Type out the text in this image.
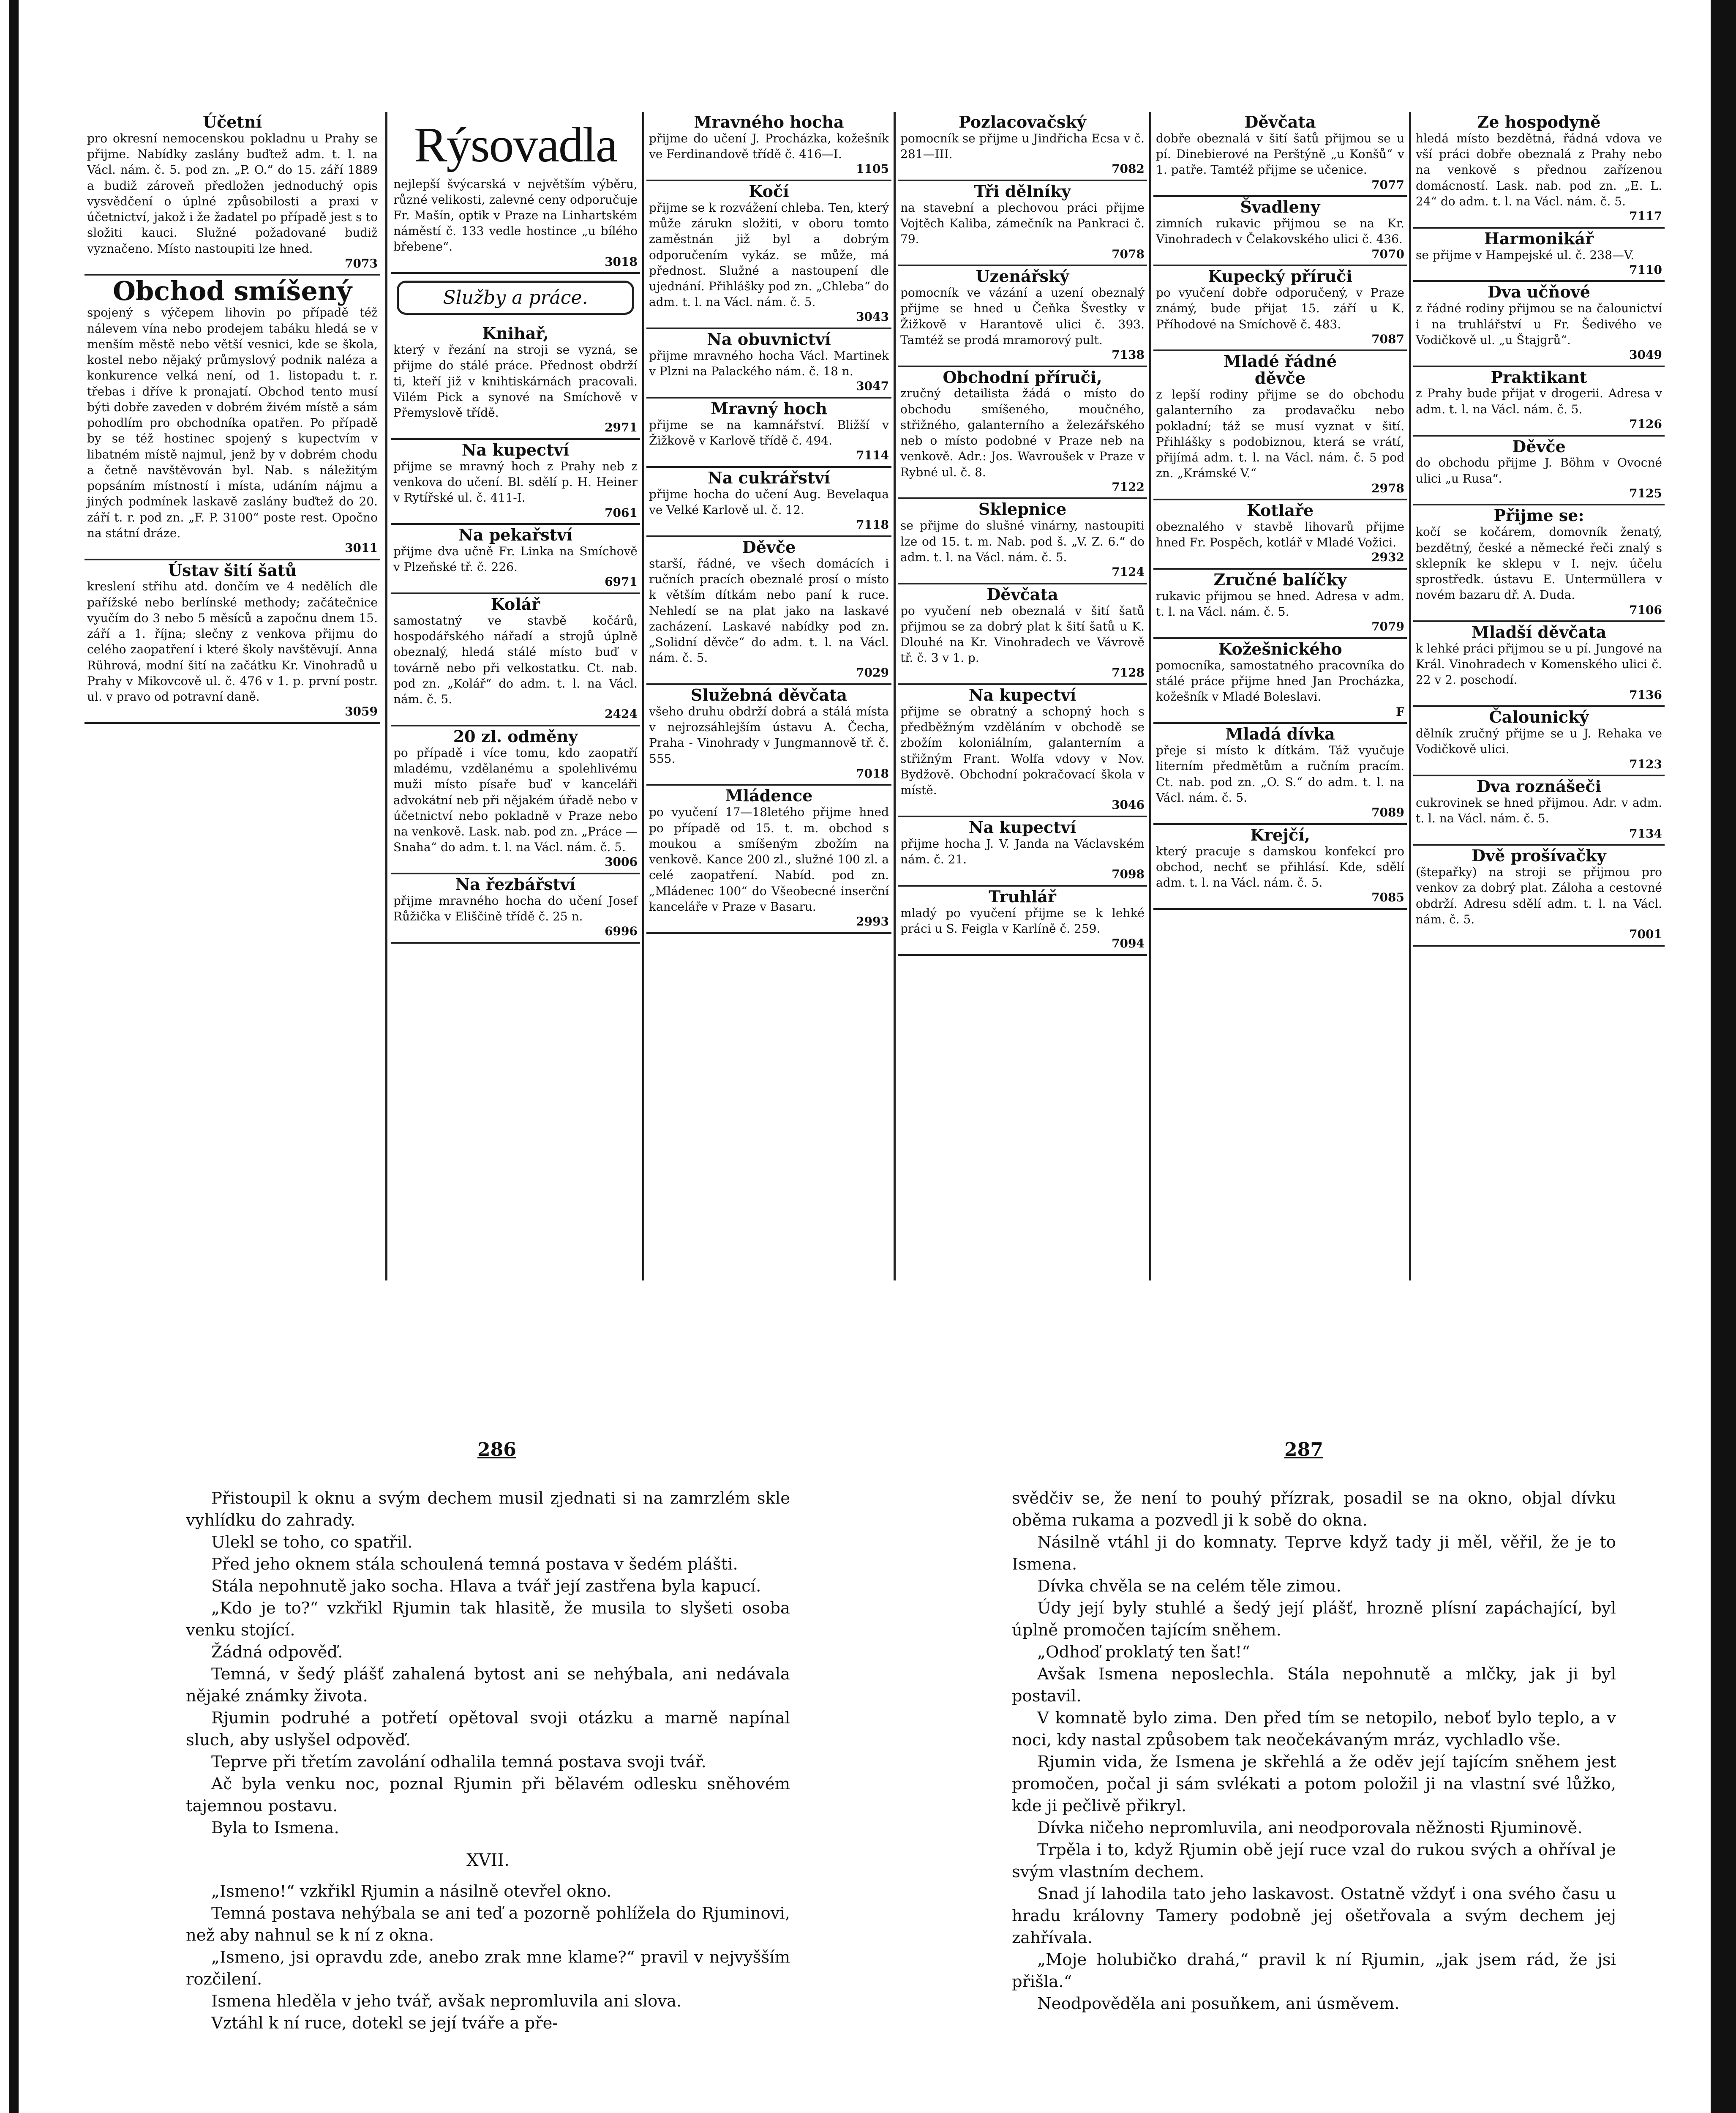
Účetní

pro okresní nemocenskou pokladnu u Prahy se přijme. Nabídky zaslány buďtež adm. t. l. na Václ. nám. č. 5. pod zn. „P. O.“ do 15. září 1889 a budiž zároveň předložen jednoduchý opis vysvědčení o úplné způsobilosti a praxi v účetnictví, jakož i že žadatel po případě jest s to složiti kauci. Služné požadované budiž vyznačeno. Místo nastoupiti lze hned.

7073
Obchod smíšený

spojený s výčepem lihovin po případě též nálevem vína nebo prodejem tabáku hledá se v menším městě nebo větší vesnici, kde se škola, kostel nebo nějaký průmyslový podnik naléza a konkurence velká není, od 1. listopadu t. r. třebas i dříve k pronajatí. Obchod tento musí býti dobře zaveden v dobrém živém místě a sám pohodlím pro obchodníka opatřen. Po případě by se též hostinec spojený s kupectvím v libatném místě najmul, jenž by v dobrém chodu a četně navštěvován byl. Nab. s náležitým popsáním místností i místa, udáním nájmu a jiných podmínek laskavě zaslány buďtež do 20. září t. r. pod zn. „F. P. 3100“ poste rest. Opočno na státní dráze.

3011
Ústav šití šatů

kreslení střihu atd. dončím ve 4 nedělích dle pařížské nebo berlínské methody; začátečnice vyučím do 3 nebo 5 měsíců a započnu dnem 15. září a 1. října; slečny z venkova přijmu do celého zaopatření i které školy navštěvují. Anna Rührová, modní šití na začátku Kr. Vinohradů u Prahy v Mikovcově ul. č. 476 v 1. p. první postr. ul. v pravo od potravní daně.

3059
Rýsovadla

nejlepší švýcarská v největším výběru, různé velikosti, zalevné ceny odporučuje Fr. Mašín, optik v Praze na Linhartském náměstí č. 133 vedle hostince „u bílého břebene“.

3018
Služby a práce.
Knihař,

který v řezání na stroji se vyzná, se přijme do stálé práce. Přednost obdrží ti, kteří již v knihtiskárnách pracovali. Vilém Pick a synové na Smíchově v Přemyslově třídě.

2971
Na kupectví

přijme se mravný hoch z Prahy neb z venkova do učení. Bl. sdělí p. H. Heiner v Rytířské ul. č. 411-I.

7061
Na pekařství

přijme dva učně Fr. Linka na Smíchově v Plzeňské tř. č. 226.

6971
Kolář

samostatný ve stavbě kočárů, hospodářského nářadí a strojů úplně obeznalý, hledá stálé místo buď v továrně nebo při velkostatku. Ct. nab. pod zn. „Kolář“ do adm. t. l. na Václ. nám. č. 5.

2424
20 zl. odměny

po případě i více tomu, kdo zaopatří mladému, vzdělanému a spolehlivému muži místo písaře buď v kanceláři advokátní neb při nějakém úřadě nebo v účetnictví nebo pokladně v Praze nebo na venkově. Lask. nab. pod zn. „Práce — Snaha“ do adm. t. l. na Václ. nám. č. 5.

3006
Na řezbářství

přijme mravného hocha do učení Josef Růžička v Eliščině třídě č. 25 n.

6996
Mravného hocha

přijme do učení J. Procházka, kožešník ve Ferdinandově třídě č. 416—I.

1105
Kočí

přijme se k rozvážení chleba. Ten, který může zárukn složiti, v oboru tomto zaměstnán již byl a dobrým odporučením vykáz. se může, má přednost. Služné a nastoupení dle ujednání. Přihlášky pod zn. „Chleba“ do adm. t. l. na Václ. nám. č. 5.

3043
Na obuvnictví

přijme mravného hocha Václ. Martinek v Plzni na Palackého nám. č. 18 n.

3047
Mravný hoch

přijme se na kamnářství. Bližší v Žižkově v Karlově třídě č. 494.

7114
Na cukrářství

přijme hocha do učení Aug. Bevelaqua ve Velké Karlově ul. č. 12.

7118
Děvče

starší, řádné, ve všech domácích i ručních pracích obeznalé prosí o místo k větším dítkám nebo paní k ruce. Nehledí se na plat jako na laskavé zacházení. Laskavé nabídky pod zn. „Solidní děvče“ do adm. t. l. na Václ. nám. č. 5.

7029
Služebná děvčata

všeho druhu obdrží dobrá a stálá místa v nejrozsáhlejším ústavu A. Čecha, Praha - Vinohrady v Jungmannově tř. č. 555.

7018
Mládence

po vyučení 17—18letého přijme hned po případě od 15. t. m. obchod s moukou a smíšeným zbožím na venkově. Kance 200 zl., služné 100 zl. a celé zaopatření. Nabíd. pod zn. „Mládenec 100“ do Všeobecné inserční kanceláře v Praze v Basaru.

2993
Pozlacovačský

pomocník se přijme u Jindřicha Ecsa v č. 281—III.

7082
Tři dělníky

na stavební a plechovou práci přijme Vojtěch Kaliba, zámečník na Pankraci č. 79.

7078
Uzenářský

pomocník ve vázání a uzení obeznalý přijme se hned u Čeňka Švestky v Žižkově v Harantově ulici č. 393. Tamtéž se prodá mramorový pult.

7138
Obchodní příruči,

zručný detailista žádá o místo do obchodu smíšeného, moučného, střižného, galanterního a železářského neb o místo podobné v Praze neb na venkově. Adr.: Jos. Wavroušek v Praze v Rybné ul. č. 8.

7122
Sklepnice

se přijme do slušné vinárny, nastoupiti lze od 15. t. m. Nab. pod š. „V. Z. 6.“ do adm. t. l. na Václ. nám. č. 5.

7124
Děvčata

po vyučení neb obeznalá v šití šatů přijmou se za dobrý plat k šití šatů u K. Dlouhé na Kr. Vinohradech ve Vávrově tř. č. 3 v 1. p.

7128
Na kupectví

přijme se obratný a schopný hoch s předběžným vzděláním v obchodě se zbožím koloniálním, galanterním a střižným Frant. Wolfa vdovy v Nov. Bydžově. Obchodní pokračovací škola v místě.

3046
Na kupectví

přijme hocha J. V. Janda na Václavském nám. č. 21.

7098
Truhlář

mladý po vyučení přijme se k lehké práci u S. Feigla v Karlíně č. 259.

7094
Děvčata

dobře obeznalá v šití šatů přijmou se u pí. Dinebierové na Perštýně „u Konšů“ v 1. patře. Tamtéž přijme se učenice.

7077
Švadleny

zimních rukavic přijmou se na Kr. Vinohradech v Čelakovského ulici č. 436.

7070
Kupecký příruči

po vyučení dobře odporučený, v Praze známý, bude přijat 15. září u K. Příhodové na Smíchově č. 483.

7087
Mladé řádné
děvče

z lepší rodiny přijme se do obchodu galanterního za prodavačku nebo pokladní; táž se musí vyznat v šití. Přihlášky s podobiznou, která se vrátí, přijímá adm. t. l. na Václ. nám. č. 5 pod zn. „Krámské V.“

2978
Kotlaře

obeznalého v stavbě lihovarů přijme hned Fr. Pospěch, kotlář v Mladé Vožici.

2932
Zručné balíčky

rukavic přijmou se hned. Adresa v adm. t. l. na Václ. nám. č. 5.

7079
Kožešnického

pomocníka, samostatného pracovníka do stálé práce přijme hned Jan Procházka, kožešník v Mladé Boleslavi.

F
Mladá dívka

přeje si místo k dítkám. Táž vyučuje literním předmětům a ručním pracím. Ct. nab. pod zn. „O. S.“ do adm. t. l. na Václ. nám. č. 5.

7089
Krejčí,

který pracuje s damskou konfekcí pro obchod, nechť se přihlásí. Kde, sdělí adm. t. l. na Václ. nám. č. 5.

7085
Ze hospodyně

hledá místo bezdětná, řádná vdova ve vší práci dobře obeznalá z Prahy nebo na venkově s přednou zařízenou domácností. Lask. nab. pod zn. „E. L. 24“ do adm. t. l. na Václ. nám. č. 5.

7117
Harmonikář

se přijme v Hampejské ul. č. 238—V.

7110
Dva učňové

z řádné rodiny přijmou se na čalounictví i na truhlářství u Fr. Šedivého ve Vodičkově ul. „u Štajgrů“.

3049
Praktikant

z Prahy bude přijat v drogerii. Adresa v adm. t. l. na Václ. nám. č. 5.

7126
Děvče

do obchodu přijme J. Böhm v Ovocné ulici „u Rusa“.

7125
Přijme se:

kočí se kočárem, domovník ženatý, bezdětný, české a německé řeči znalý s sklepník ke sklepu v I. nejv. účelu sprostředk. ústavu E. Untermüllera v novém bazaru dř. A. Duda.

7106
Mladší děvčata

k lehké práci přijmou se u pí. Jungové na Král. Vinohradech v Komenského ulici č. 22 v 2. poschodí.

7136
Čalounický

dělník zručný přijme se u J. Rehaka ve Vodičkově ulici.

7123
Dva roznášeči

cukrovinek se hned přijmou. Adr. v adm. t. l. na Václ. nám. č. 5.

7134
Dvě prošívačky

(štepařky) na stroji se přijmou pro venkov za dobrý plat. Záloha a cestovné obdrží. Adresu sdělí adm. t. l. na Václ. nám. č. 5.

7001
286	287

Přistoupil k oknu a svým dechem musil zjednati si na zamrzlém skle vyhlídku do zahrady.

Ulekl se toho, co spatřil.

Před jeho oknem stála schoulená temná postava v šedém plášti.

Stála nepohnutě jako socha. Hlava a tvář její zastřena byla kapucí.

„Kdo je to?“ vzkřikl Rjumin tak hlasitě, že musila to slyšeti osoba venku stojící.

Žádná odpověď.

Temná, v šedý plášť zahalená bytost ani se nehýbala, ani nedávala nějaké známky života.

Rjumin podruhé a potřetí opětoval svoji otázku a marně napínal sluch, aby uslyšel odpověď.

Teprve při třetím zavolání odhalila temná postava svoji tvář.

Ač byla venku noc, poznal Rjumin při bělavém odlesku sněhovém tajemnou postavu.

Byla to Ismena.

XVII.

„Ismeno!“ vzkřikl Rjumin a násilně otevřel okno.

Temná postava nehýbala se ani teď a pozorně pohlížela do Rjuminovi, než aby nahnul se k ní z okna.

„Ismeno, jsi opravdu zde, anebo zrak mne klame?“ pravil v nejvyšším rozčilení.

Ismena hleděla v jeho tvář, avšak nepromluvila ani slova.

Vztáhl k ní ruce, dotekl se její tváře a pře-

svědčiv se, že není to pouhý přízrak, posadil se na okno, objal dívku oběma rukama a pozvedl ji k sobě do okna.

Násilně vtáhl ji do komnaty. Teprve když tady ji měl, věřil, že je to Ismena.

Dívka chvěla se na celém těle zimou.

Údy její byly stuhlé a šedý její plášť, hrozně plísní zapáchající, byl úplně promočen tajícím sněhem.

„Odhoď proklatý ten šat!“

Avšak Ismena neposlechla. Stála nepohnutě a mlčky, jak ji byl postavil.

V komnatě bylo zima. Den před tím se netopilo, neboť bylo teplo, a v noci, kdy nastal způsobem tak neočekávaným mráz, vychladlo vše.

Rjumin vida, že Ismena je skřehlá a že oděv její tajícím sněhem jest promočen, počal ji sám svlékati a potom položil ji na vlastní své lůžko, kde ji pečlivě přikryl.

Dívka ničeho nepromluvila, ani neodporovala něžnosti Rjuminově.

Trpěla i to, když Rjumin obě její ruce vzal do rukou svých a ohříval je svým vlastním dechem.

Snad jí lahodila tato jeho laskavost. Ostatně vždyť i ona svého času u hradu královny Tamery podobně jej ošetřovala a svým dechem jej zahřívala.

„Moje holubičko drahá,“ pravil k ní Rjumin, „jak jsem rád, že jsi přišla.“

Neodpověděla ani posuňkem, ani úsměvem.
